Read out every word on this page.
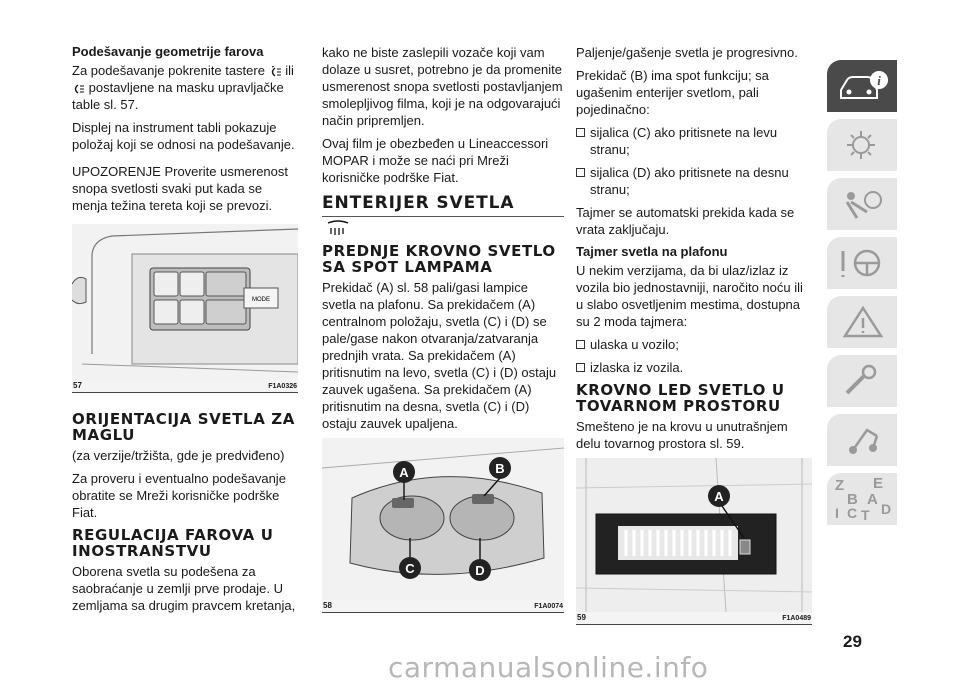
Podešavanje geometrije farova

Za podešavanje pokrenite tastere ili  postavljene na masku upravljačke tablе sl. 57.

Displej na instrument tabli pokazuje položaj koji se odnosi na podešavanje.

UPOZORENJE Proverite usmerenost snopa svetlosti svaki put kada se menja težina tereta koji se prevozi.

MODE
57	F1A0326
ORIJENTACIJA SVETLA ZA MAGLU

(za verzije/tržišta, gde je predviđeno)

Za proveru i eventualno podešavanje obratite se Mreži korisničke podrške Fiat.

REGULACIJA FAROVA U INOSTRANSTVU

Oborena svetla su podešena za saobraćanje u zemlji prve prodaje. U zemljama sa drugim pravcem kretanja,

kako ne biste zaslepili vozače koji vam dolaze u susret, potrebno je da promenite usmerenost snopa svetlosti postavljanjem smolepljivog filma, koji je na odgovarajući način pripremljen.

Ovaj film je obezbeđen u Lineaccessori MOPAR i može se naći pri Mreži korisničke podrške Fiat.

ENTERIJER SVETLA
PREDNJE KROVNO SVETLO SA SPOT LAMPAMA

Prekidač (A) sl. 58 pali/gasi lampice svetla na plafonu. Sa prekidačem (A) centralnom položaju, svetla (C) i (D) se pale/gase nakon otvaranja/zatvaranja prednjih vrata. Sa prekidačem (A) pritisnutim na levo, svetla (C) i (D) ostaju zauvek ugašena. Sa prekidačem (A) pritisnutim na desna, svetla (C) i (D) ostaju zauvek upaljena.

A	B
C	D
58	F1A0074

Paljenje/gašenje svetla je progresivno.

Prekidač (B) ima spot funkciju; sa ugašenim enterijer svetlom, pali pojedinačno:

sijalica (C) ako pritisnete na levu stranu;

sijalica (D) ako pritisnete na desnu stranu;

Tajmer se automatski prekida kada se vrata zaključaju.

Tajmer svetla na plafonu

U nekim verzijama, da bi ulaz/izlaz iz vozila bio jednostavniji, naročito noću ili u slabo osvetljenim mestima, dostupna su 2 moda tajmera:

ulaska u vozilo;

izlaska iz vozila.

KROVNO LED SVETLO U TOVARNOM PROSTORU

Smešteno je na krovu u unutrašnjem delu tovarnog prostora sl. 59.

A
59	F1A0489
i
Z E
B A
D
I C T
29
carmanualsonline.info
